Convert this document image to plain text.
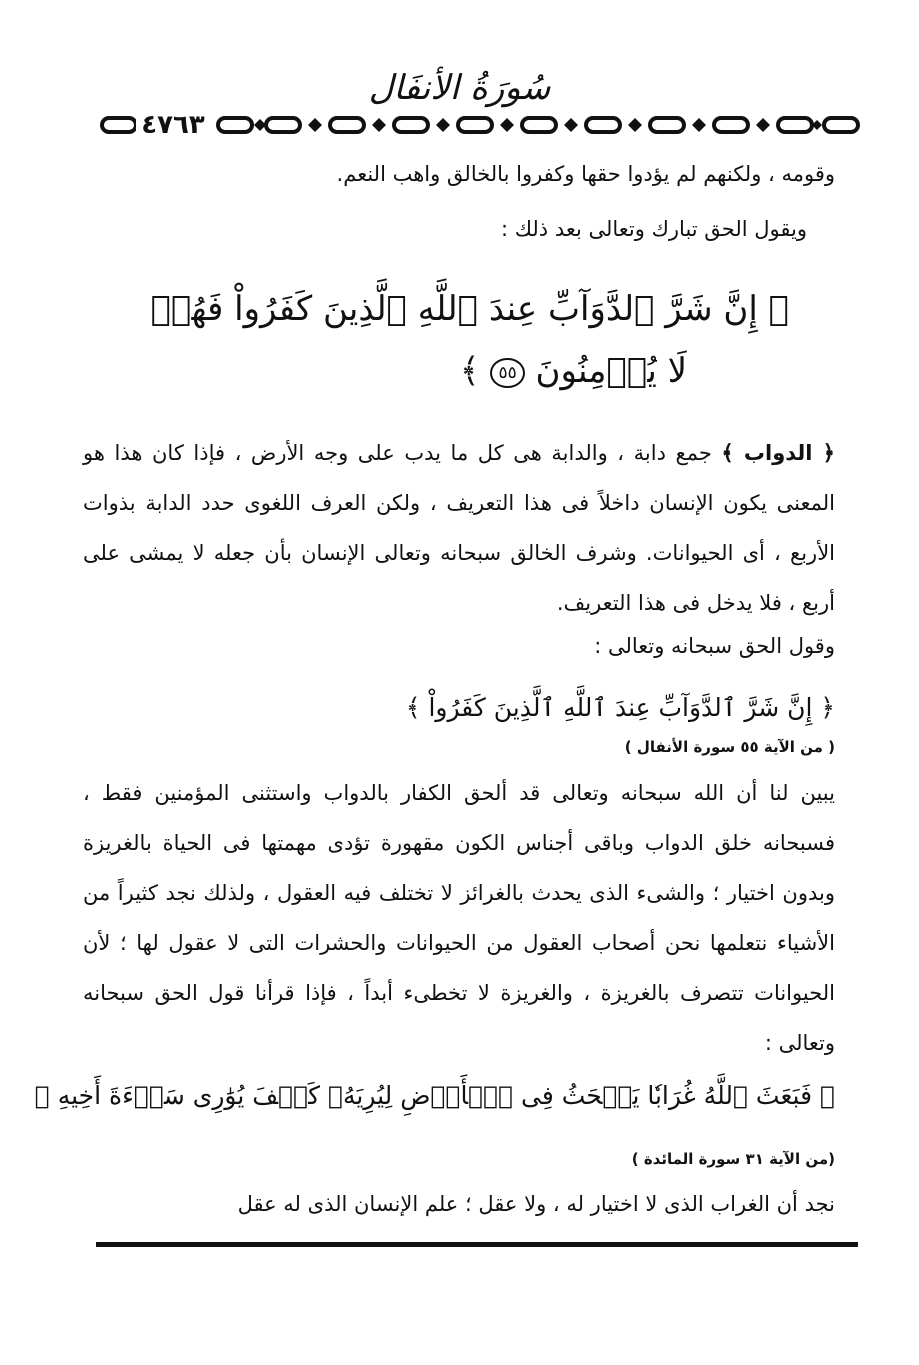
سُورَةُ الأنفَال
٤٧٦٣
وقومه ، ولكنهم لم يؤدوا حقها وكفروا بالخالق واهب النعم.
ويقول الحق تبارك وتعالى بعد ذلك :
﴿ إِنَّ شَرَّ ٱلدَّوَآبِّ عِندَ ٱللَّهِ ٱلَّذِينَ كَفَرُواْ فَهُمۡ
لَا يُؤۡمِنُونَ ٥٥ ﴾
﴿ الدواب ﴾ جمع دابة ، والدابة هى كل ما يدب على وجه الأرض ، فإذا كان هذا هو المعنى يكون الإنسان داخلاً فى هذا التعريف ، ولكن العرف اللغوى حدد الدابة بذوات الأربع ، أى الحيوانات. وشرف الخالق سبحانه وتعالى الإنسان بأن جعله لا يمشى على أربع ، فلا يدخل فى هذا التعريف.
وقول الحق سبحانه وتعالى :
﴿ إِنَّ شَرَّ ٱلدَّوَآبِّ عِندَ ٱللَّهِ ٱلَّذِينَ كَفَرُواْ ﴾
( من الآية ٥٥ سورة الأنفال )
يبين لنا أن الله سبحانه وتعالى قد ألحق الكفار بالدواب واستثنى المؤمنين فقط ، فسبحانه خلق الدواب وباقى أجناس الكون مقهورة تؤدى مهمتها فى الحياة بالغريزة وبدون اختيار ؛ والشىء الذى يحدث بالغرائز لا تختلف فيه العقول ، ولذلك نجد كثيراً من الأشياء نتعلمها نحن أصحاب العقول من الحيوانات والحشرات التى لا عقول لها ؛ لأن الحيوانات تتصرف بالغريزة ، والغريزة لا تخطىء أبداً ، فإذا قرأنا قول الحق سبحانه وتعالى :
﴿ فَبَعَثَ ٱللَّهُ غُرَابٗا يَبۡحَثُ فِى ٱلۡأَرۡضِ لِيُرِيَهُۥ كَيۡفَ يُوَٰرِى سَوۡءَةَ أَخِيهِ ﴾
(من الآية ٣١ سورة المائدة )
نجد أن الغراب الذى لا اختيار له ، ولا عقل ؛ علم الإنسان الذى له عقل
